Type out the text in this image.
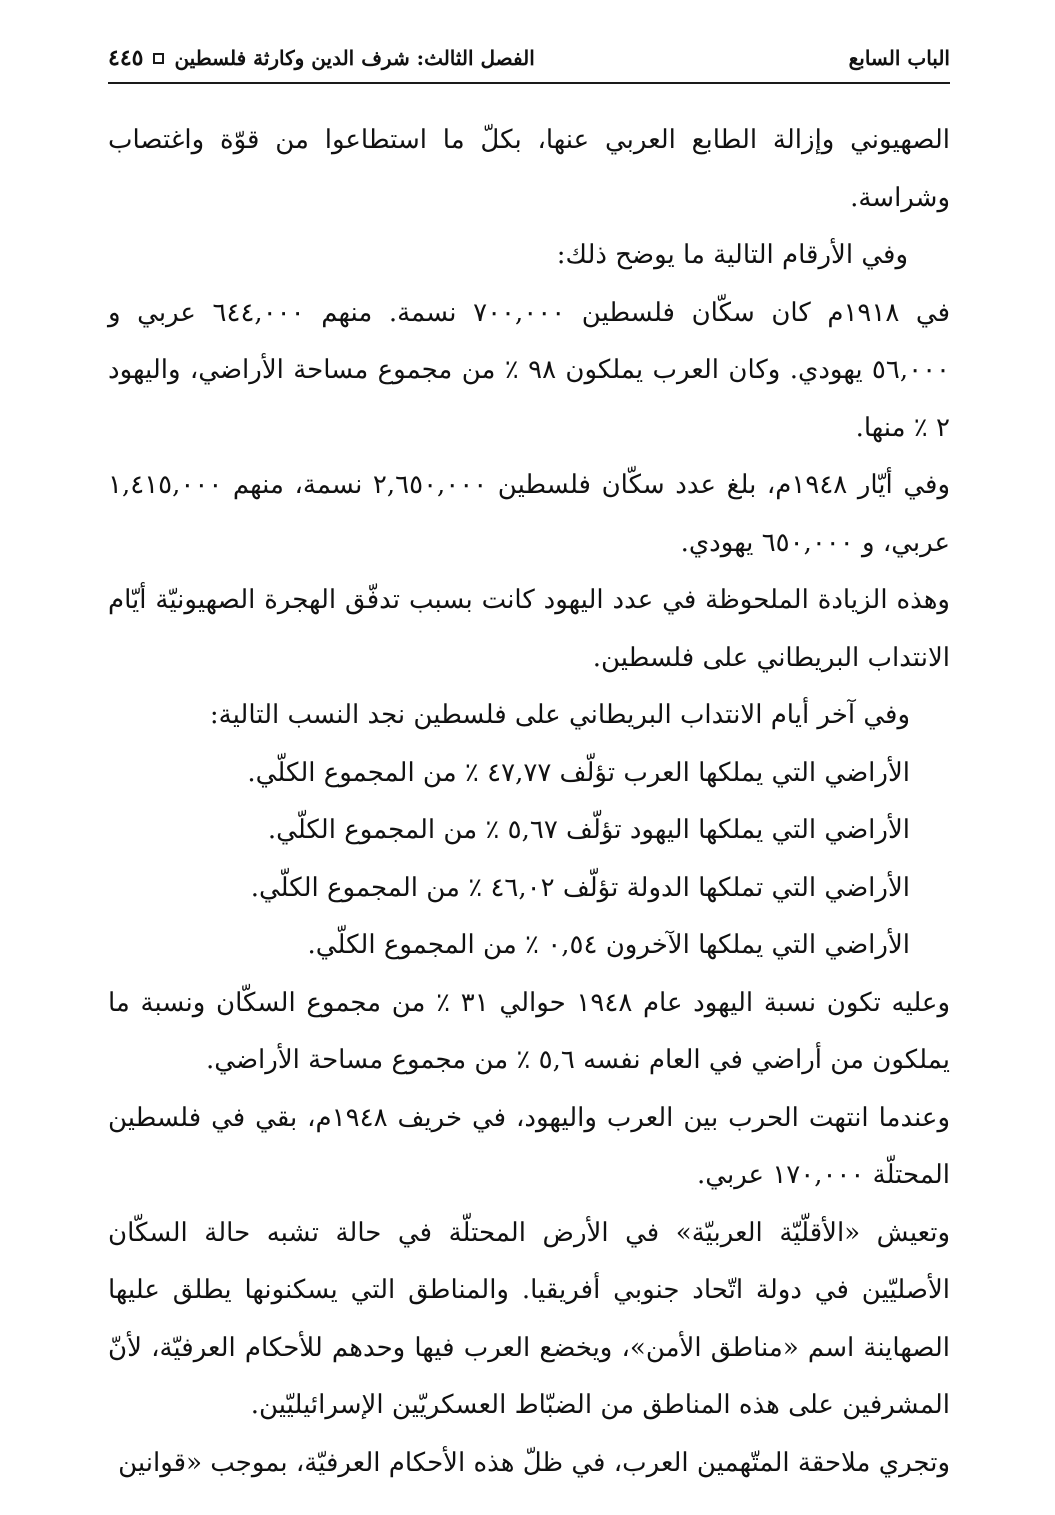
الباب السابع
الفصل الثالث: شرف الدين وكارثة فلسطين
٤٤٥

الصهيوني وإزالة الطابع العربي عنها، بكلّ ما استطاعوا من قوّة واغتصاب وشراسة.

وفي الأرقام التالية ما يوضح ذلك:

في ١٩١٨م كان سكّان فلسطين ٧٠٠,٠٠٠ نسمة. منهم ٦٤٤,٠٠٠ عربي و ٥٦,٠٠٠ يهودي. وكان العرب يملكون ٩٨ ٪ من مجموع مساحة الأراضي، واليهود ٢ ٪ منها.

وفي أيّار ١٩٤٨م، بلغ عدد سكّان فلسطين ٢,٦٥٠,٠٠٠ نسمة، منهم ١,٤١٥,٠٠٠ عربي، و ٦٥٠,٠٠٠ يهودي.

وهذه الزيادة الملحوظة في عدد اليهود كانت بسبب تدفّق الهجرة الصهيونيّة أيّام الانتداب البريطاني على فلسطين.

وفي آخر أيام الانتداب البريطاني على فلسطين نجد النسب التالية:

الأراضي التي يملكها العرب تؤلّف ٤٧,٧٧ ٪ من المجموع الكلّي.

الأراضي التي يملكها اليهود تؤلّف ٥,٦٧ ٪ من المجموع الكلّي.

الأراضي التي تملكها الدولة تؤلّف ٤٦,٠٢ ٪ من المجموع الكلّي.

الأراضي التي يملكها الآخرون ٠,٥٤ ٪ من المجموع الكلّي.

وعليه تكون نسبة اليهود عام ١٩٤٨ حوالي ٣١ ٪ من مجموع السكّان ونسبة ما يملكون من أراضي في العام نفسه ٥,٦ ٪ من مجموع مساحة الأراضي.

وعندما انتهت الحرب بين العرب واليهود، في خريف ١٩٤٨م، بقي في فلسطين المحتلّة ١٧٠,٠٠٠ عربي.

وتعيش «الأقلّيّة العربيّة» في الأرض المحتلّة في حالة تشبه حالة السكّان الأصليّين في دولة اتّحاد جنوبي أفريقيا. والمناطق التي يسكنونها يطلق عليها الصهاينة اسم «مناطق الأمن»، ويخضع العرب فيها وحدهم للأحكام العرفيّة، لأنّ المشرفين على هذه المناطق من الضبّاط العسكريّين الإسرائيليّين.

وتجري ملاحقة المتّهمين العرب، في ظلّ هذه الأحكام العرفيّة، بموجب «قوانين
